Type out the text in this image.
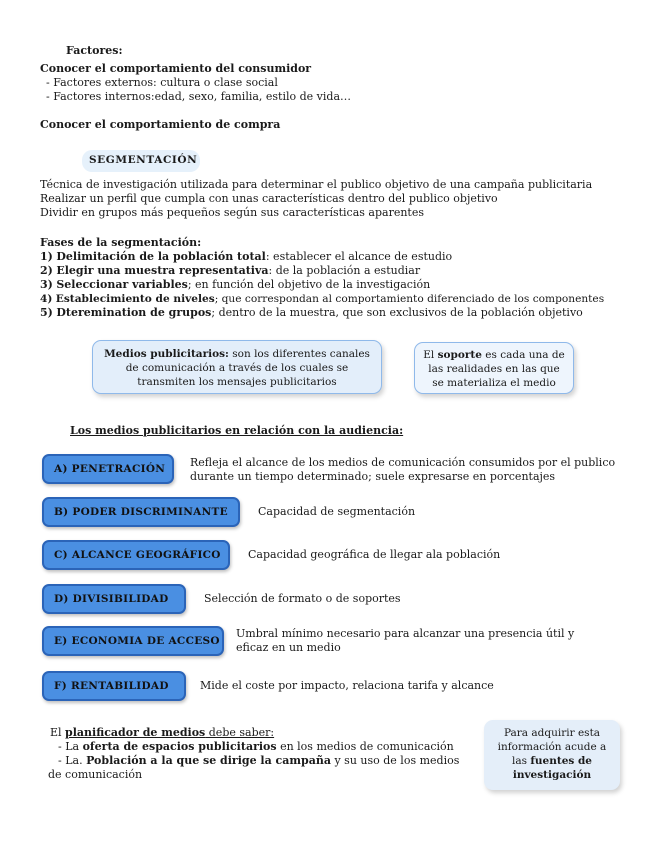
Factores:
Conocer el comportamiento del consumidor
- Factores externos: cultura o clase social
- Factores internos:edad, sexo, familia, estilo de vida…
Conocer el comportamiento de compra
SEGMENTACIÓN
Técnica de investigación utilizada para determinar el publico objetivo de una campaña publicitaria
Realizar un perfil que cumpla con unas características dentro del publico objetivo
Dividir en grupos más pequeños según sus características aparentes
Fases de la segmentación:
1) Delimitación de la población total: establecer el alcance de estudio
2) Elegir una muestra representativa: de la población a estudiar
3) Seleccionar variables; en función del objetivo de la investigación
4) Establecimiento de niveles; que correspondan al comportamiento diferenciado de los componentes
5) Dteremination de grupos; dentro de la muestra, que son exclusivos de la población objetivo
Medios publicitarios: son los diferentes canales
de comunicación a través de los cuales se
transmiten los mensajes publicitarios
El soporte es cada una de
las realidades en las que
se materializa el medio
Los medios publicitarios en relación con la audiencia:
A) PENETRACIÓN	Refleja el alcance de los medios de comunicación consumidos por el publico
durante un tiempo determinado; suele expresarse en porcentajes
B) PODER DISCRIMINANTE	Capacidad de segmentación
C) ALCANCE GEOGRÁFICO	Capacidad geográfica de llegar ala población
D) DIVISIBILIDAD	Selección de formato o de soportes
E) ECONOMIA DE ACCESO
Umbral mínimo necesario para alcanzar una presencia útil y
eficaz en un medio
F) RENTABILIDAD	Mide el coste por impacto, relaciona tarifa y alcance
El planificador de medios debe saber:
- La oferta de espacios publicitarios en los medios de comunicación
- La. Población a la que se dirige la campaña y su uso de los medios
de comunicación
Para adquirir esta
información acude a
las fuentes de
investigación
